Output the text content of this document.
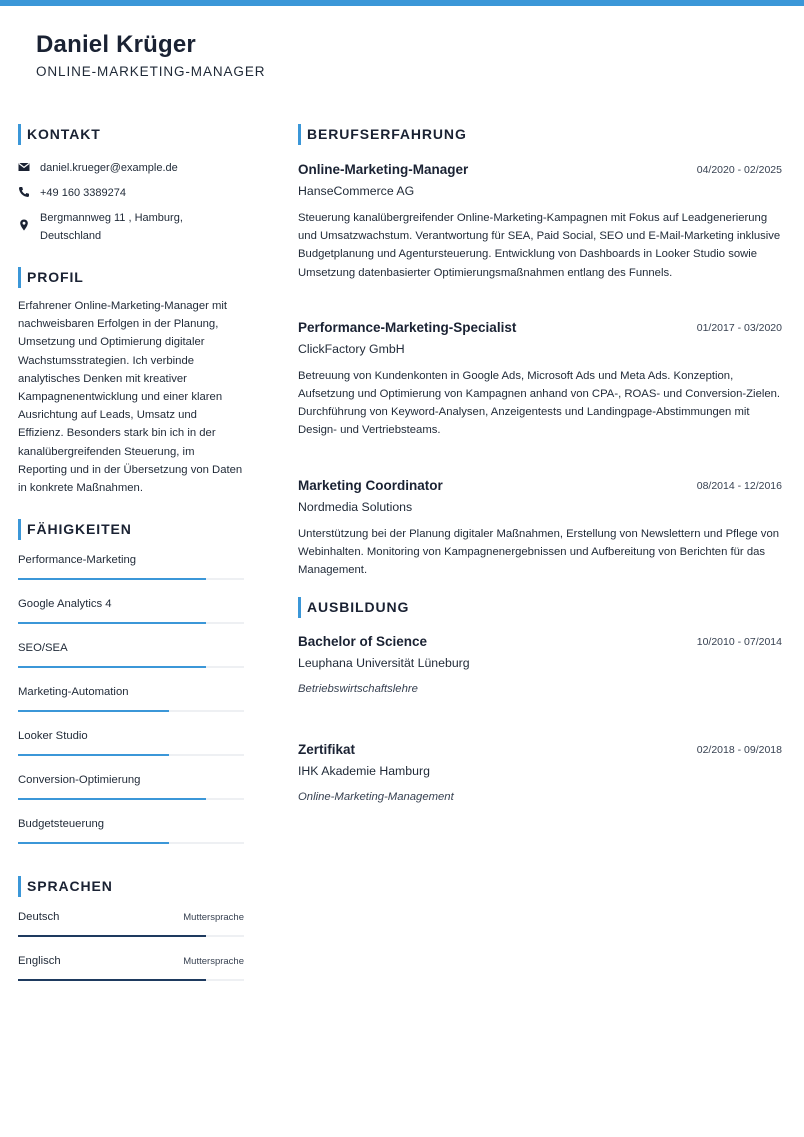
Daniel Krüger
ONLINE-MARKETING-MANAGER
KONTAKT
daniel.krueger@example.de
+49 160 3389274
Bergmannweg 11 , Hamburg,
Deutschland
PROFIL
Erfahrener Online-Marketing-Manager mit nachweisbaren Erfolgen in der Planung, Umsetzung und Optimierung digitaler Wachstumsstrategien. Ich verbinde analytisches Denken mit kreativer Kampagnenentwicklung und einer klaren Ausrichtung auf Leads, Umsatz und Effizienz. Besonders stark bin ich in der kanalübergreifenden Steuerung, im Reporting und in der Übersetzung von Daten in konkrete Maßnahmen.
FÄHIGKEITEN
Performance-Marketing
Google Analytics 4
SEO/SEA
Marketing-Automation
Looker Studio
Conversion-Optimierung
Budgetsteuerung
SPRACHEN
Deutsch	Muttersprache
Englisch	Muttersprache
BERUFSERFAHRUNG
Online-Marketing-Manager	04/2020 - 02/2025
HanseCommerce AG
Steuerung kanalübergreifender Online-Marketing-Kampagnen mit Fokus auf Leadgenerierung und Umsatzwachstum. Verantwortung für SEA, Paid Social, SEO und E-Mail-Marketing inklusive Budgetplanung und Agentursteuerung. Entwicklung von Dashboards in Looker Studio sowie Umsetzung datenbasierter Optimierungsmaßnahmen entlang des Funnels.
Performance-Marketing-Specialist	01/2017 - 03/2020
ClickFactory GmbH
Betreuung von Kundenkonten in Google Ads, Microsoft Ads und Meta Ads. Konzeption, Aufsetzung und Optimierung von Kampagnen anhand von CPA-, ROAS- und Conversion-Zielen. Durchführung von Keyword-Analysen, Anzeigentests und Landingpage-Abstimmungen mit Design- und Vertriebsteams.
Marketing Coordinator	08/2014 - 12/2016
Nordmedia Solutions
Unterstützung bei der Planung digitaler Maßnahmen, Erstellung von Newslettern und Pflege von Webinhalten. Monitoring von Kampagnenergebnissen und Aufbereitung von Berichten für das Management.
AUSBILDUNG
Bachelor of Science	10/2010 - 07/2014
Leuphana Universität Lüneburg
Betriebswirtschaftslehre
Zertifikat	02/2018 - 09/2018
IHK Akademie Hamburg
Online-Marketing-Management
